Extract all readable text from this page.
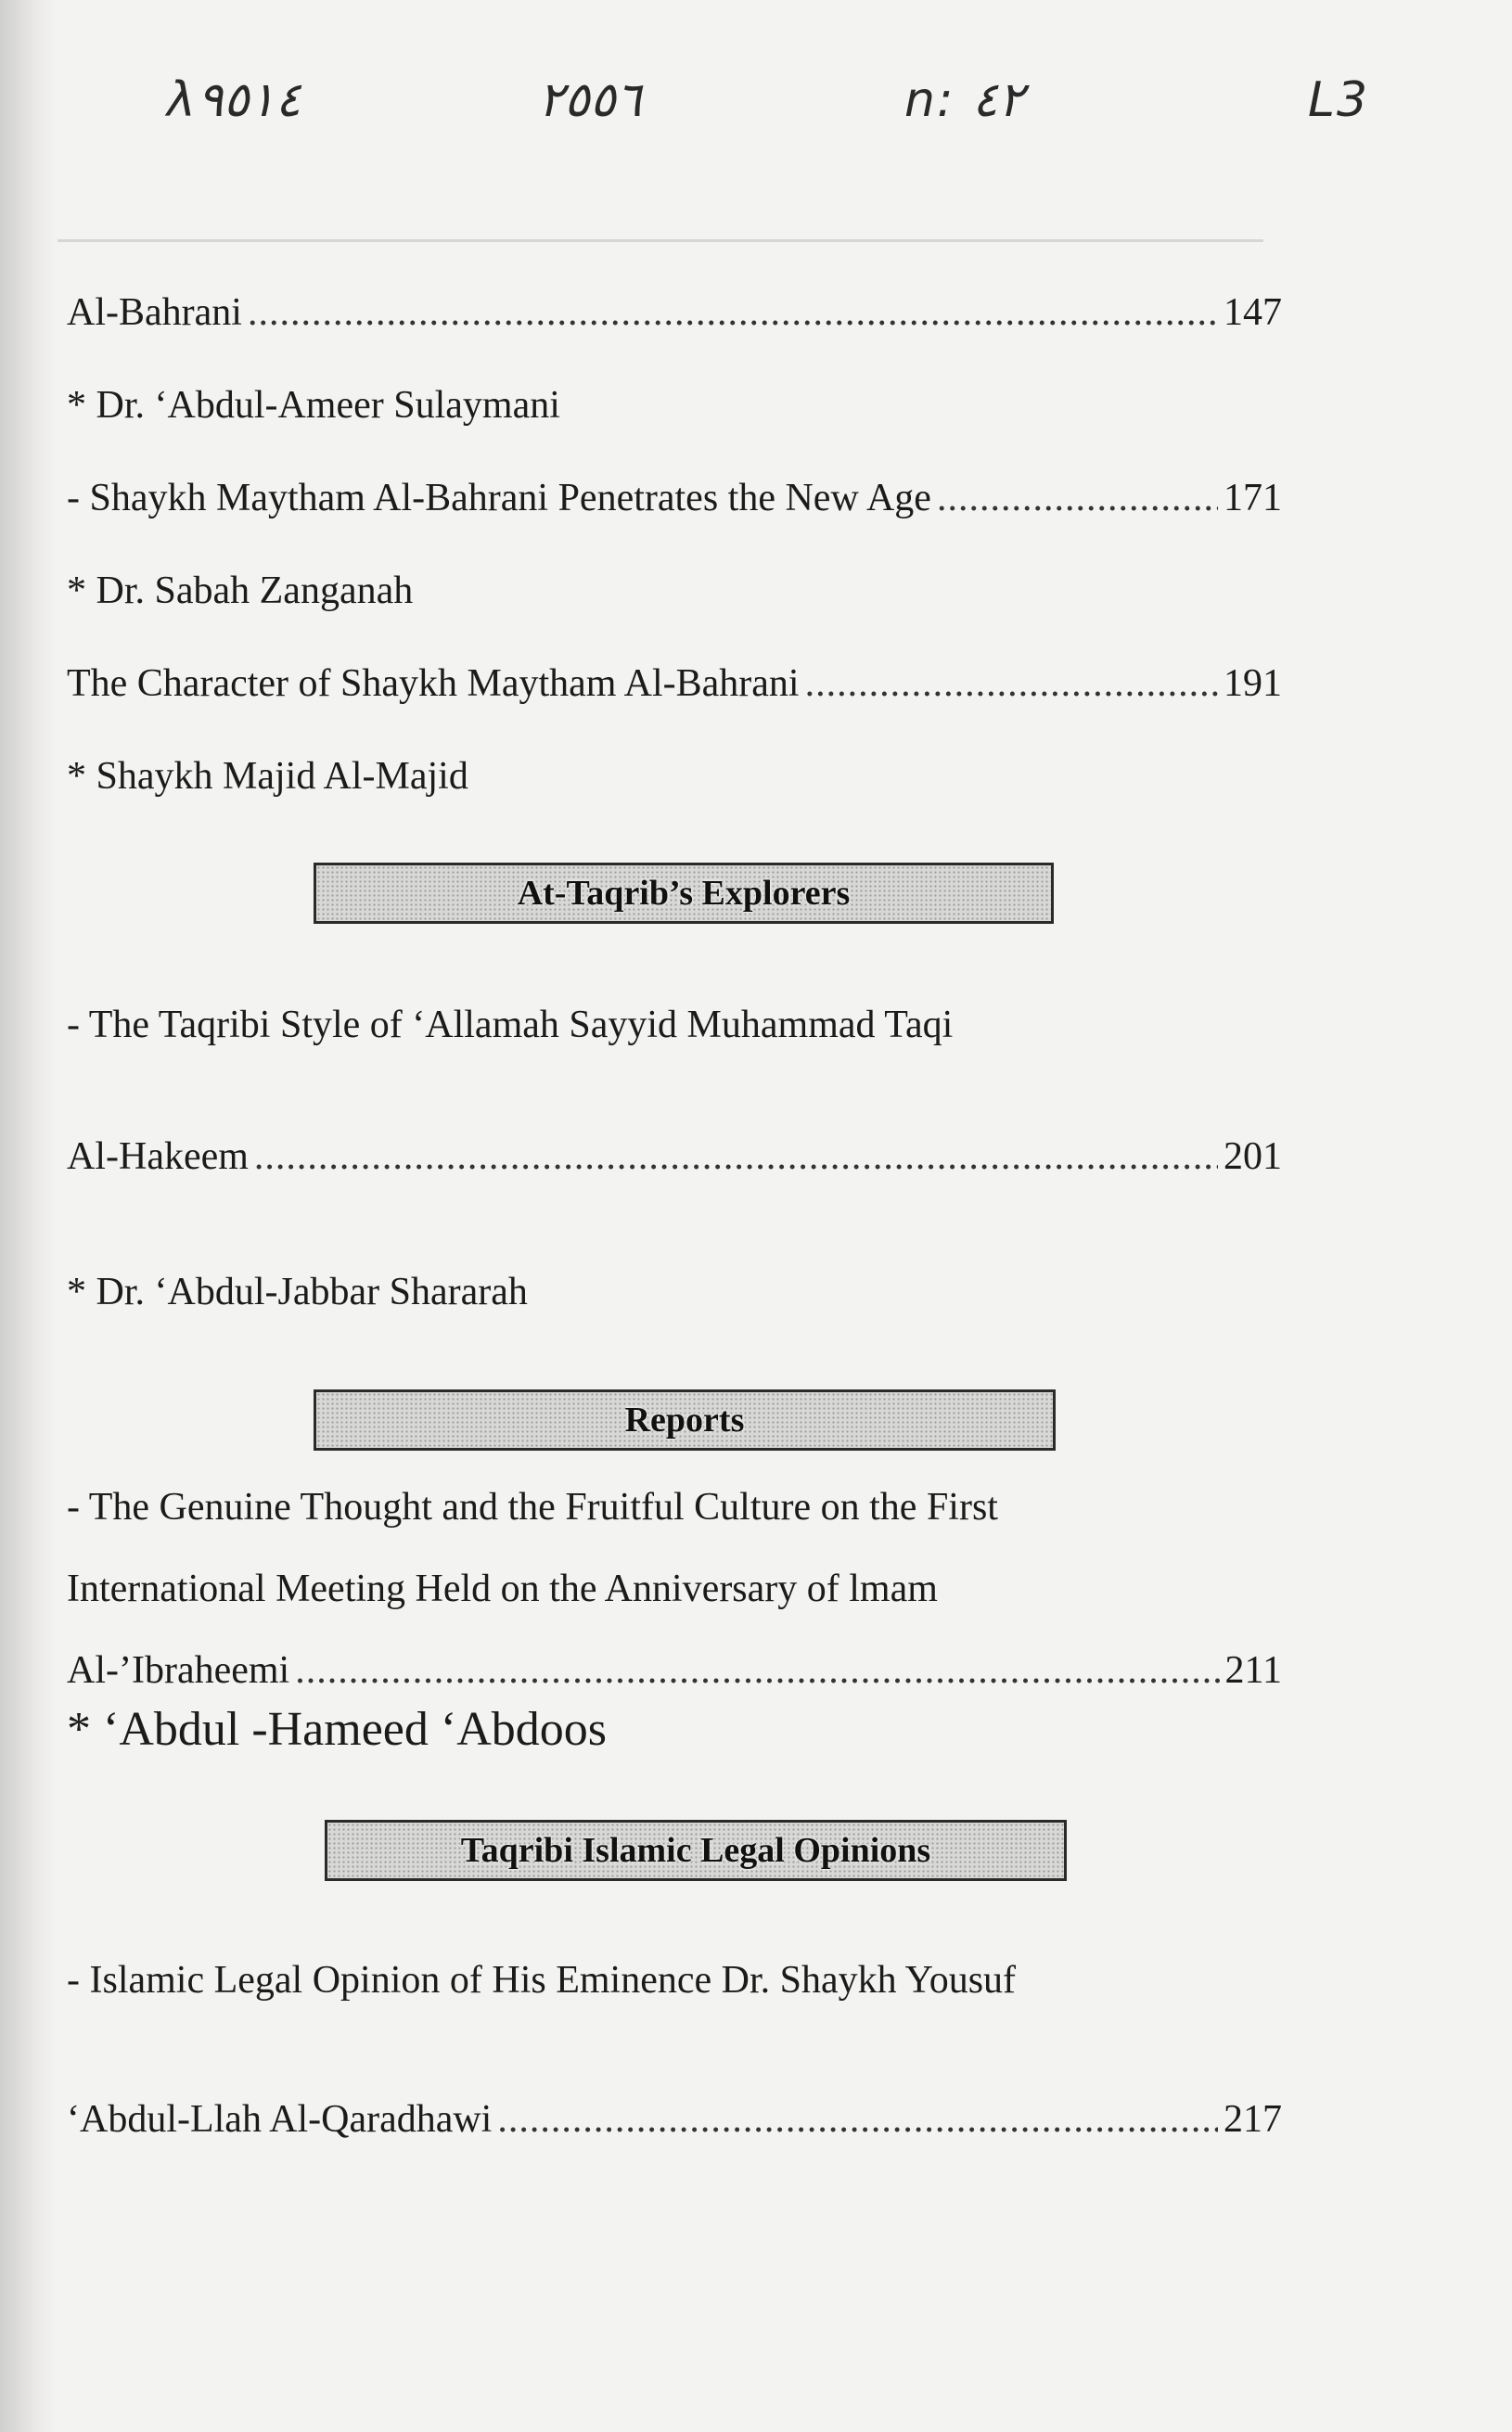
λ٩٥١٤	٢٥٥٦	n: ٤٢	L3
Al-Bahrani .....	147
* Dr. ‘Abdul-Ameer Sulaymani
- Shaykh Maytham Al-Bahrani Penetrates the New Age .....	171
* Dr. Sabah Zanganah
The Character of Shaykh Maytham Al-Bahrani .....	191
* Shaykh Majid Al-Majid
- The Taqribi Style of ‘Allamah Sayyid Muhammad Taqi
Al-Hakeem .....	201
* Dr. ‘Abdul-Jabbar Shararah
- The Genuine Thought and the Fruitful Culture on the First
International Meeting Held on the Anniversary of lmam
Al-’Ibraheemi .....	211
* ‘Abdul -Hameed ‘Abdoos
- Islamic Legal Opinion of His Eminence Dr. Shaykh Yousuf
‘Abdul-Llah Al-Qaradhawi .....	217
At-Taqrib’s Explorers
Reports
Taqribi Islamic Legal Opinions
